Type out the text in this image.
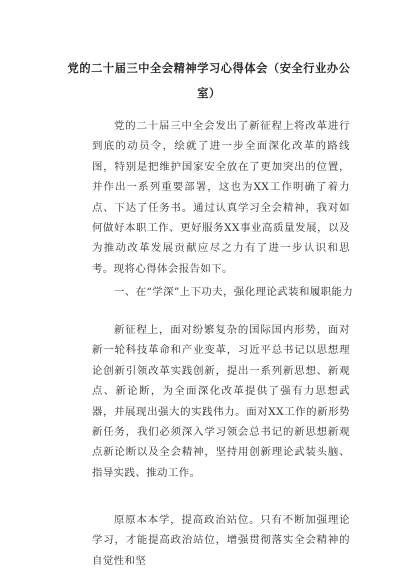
党的二十届三中全会精神学习心得体会（安全行业办公室）

党的二十届三中全会发出了新征程上将改革进行到底的动员令，绘就了进一步全面深化改革的路线图，特别是把维护国家安全放在了更加突出的位置，并作出一系列重要部署，这也为XX工作明确了着力点、下达了任务书。通过认真学习全会精神，我对如何做好本职工作、更好服务XX事业高质量发展，以及为推动改革发展贡献应尽之力有了进一步认识和思考。现将心得体会报告如下。

一、在“学深”上下功夫，强化理论武装和履职能力

新征程上，面对纷繁复杂的国际国内形势，面对新一轮科技革命和产业变革，习近平总书记以思想理论创新引领改革实践创新，提出一系列新思想、新观点、新论断，为全面深化改革提供了强有力思想武器，并展现出强大的实践伟力。面对XX工作的新形势新任务，我们必须深入学习领会总书记的新思想新观点新论断以及全会精神，坚持用创新理论武装头脑、指导实践、推动工作。

原原本本学，提高政治站位。只有不断加强理论学习，才能提高政治站位，增强贯彻落实全会精神的自觉性和坚
